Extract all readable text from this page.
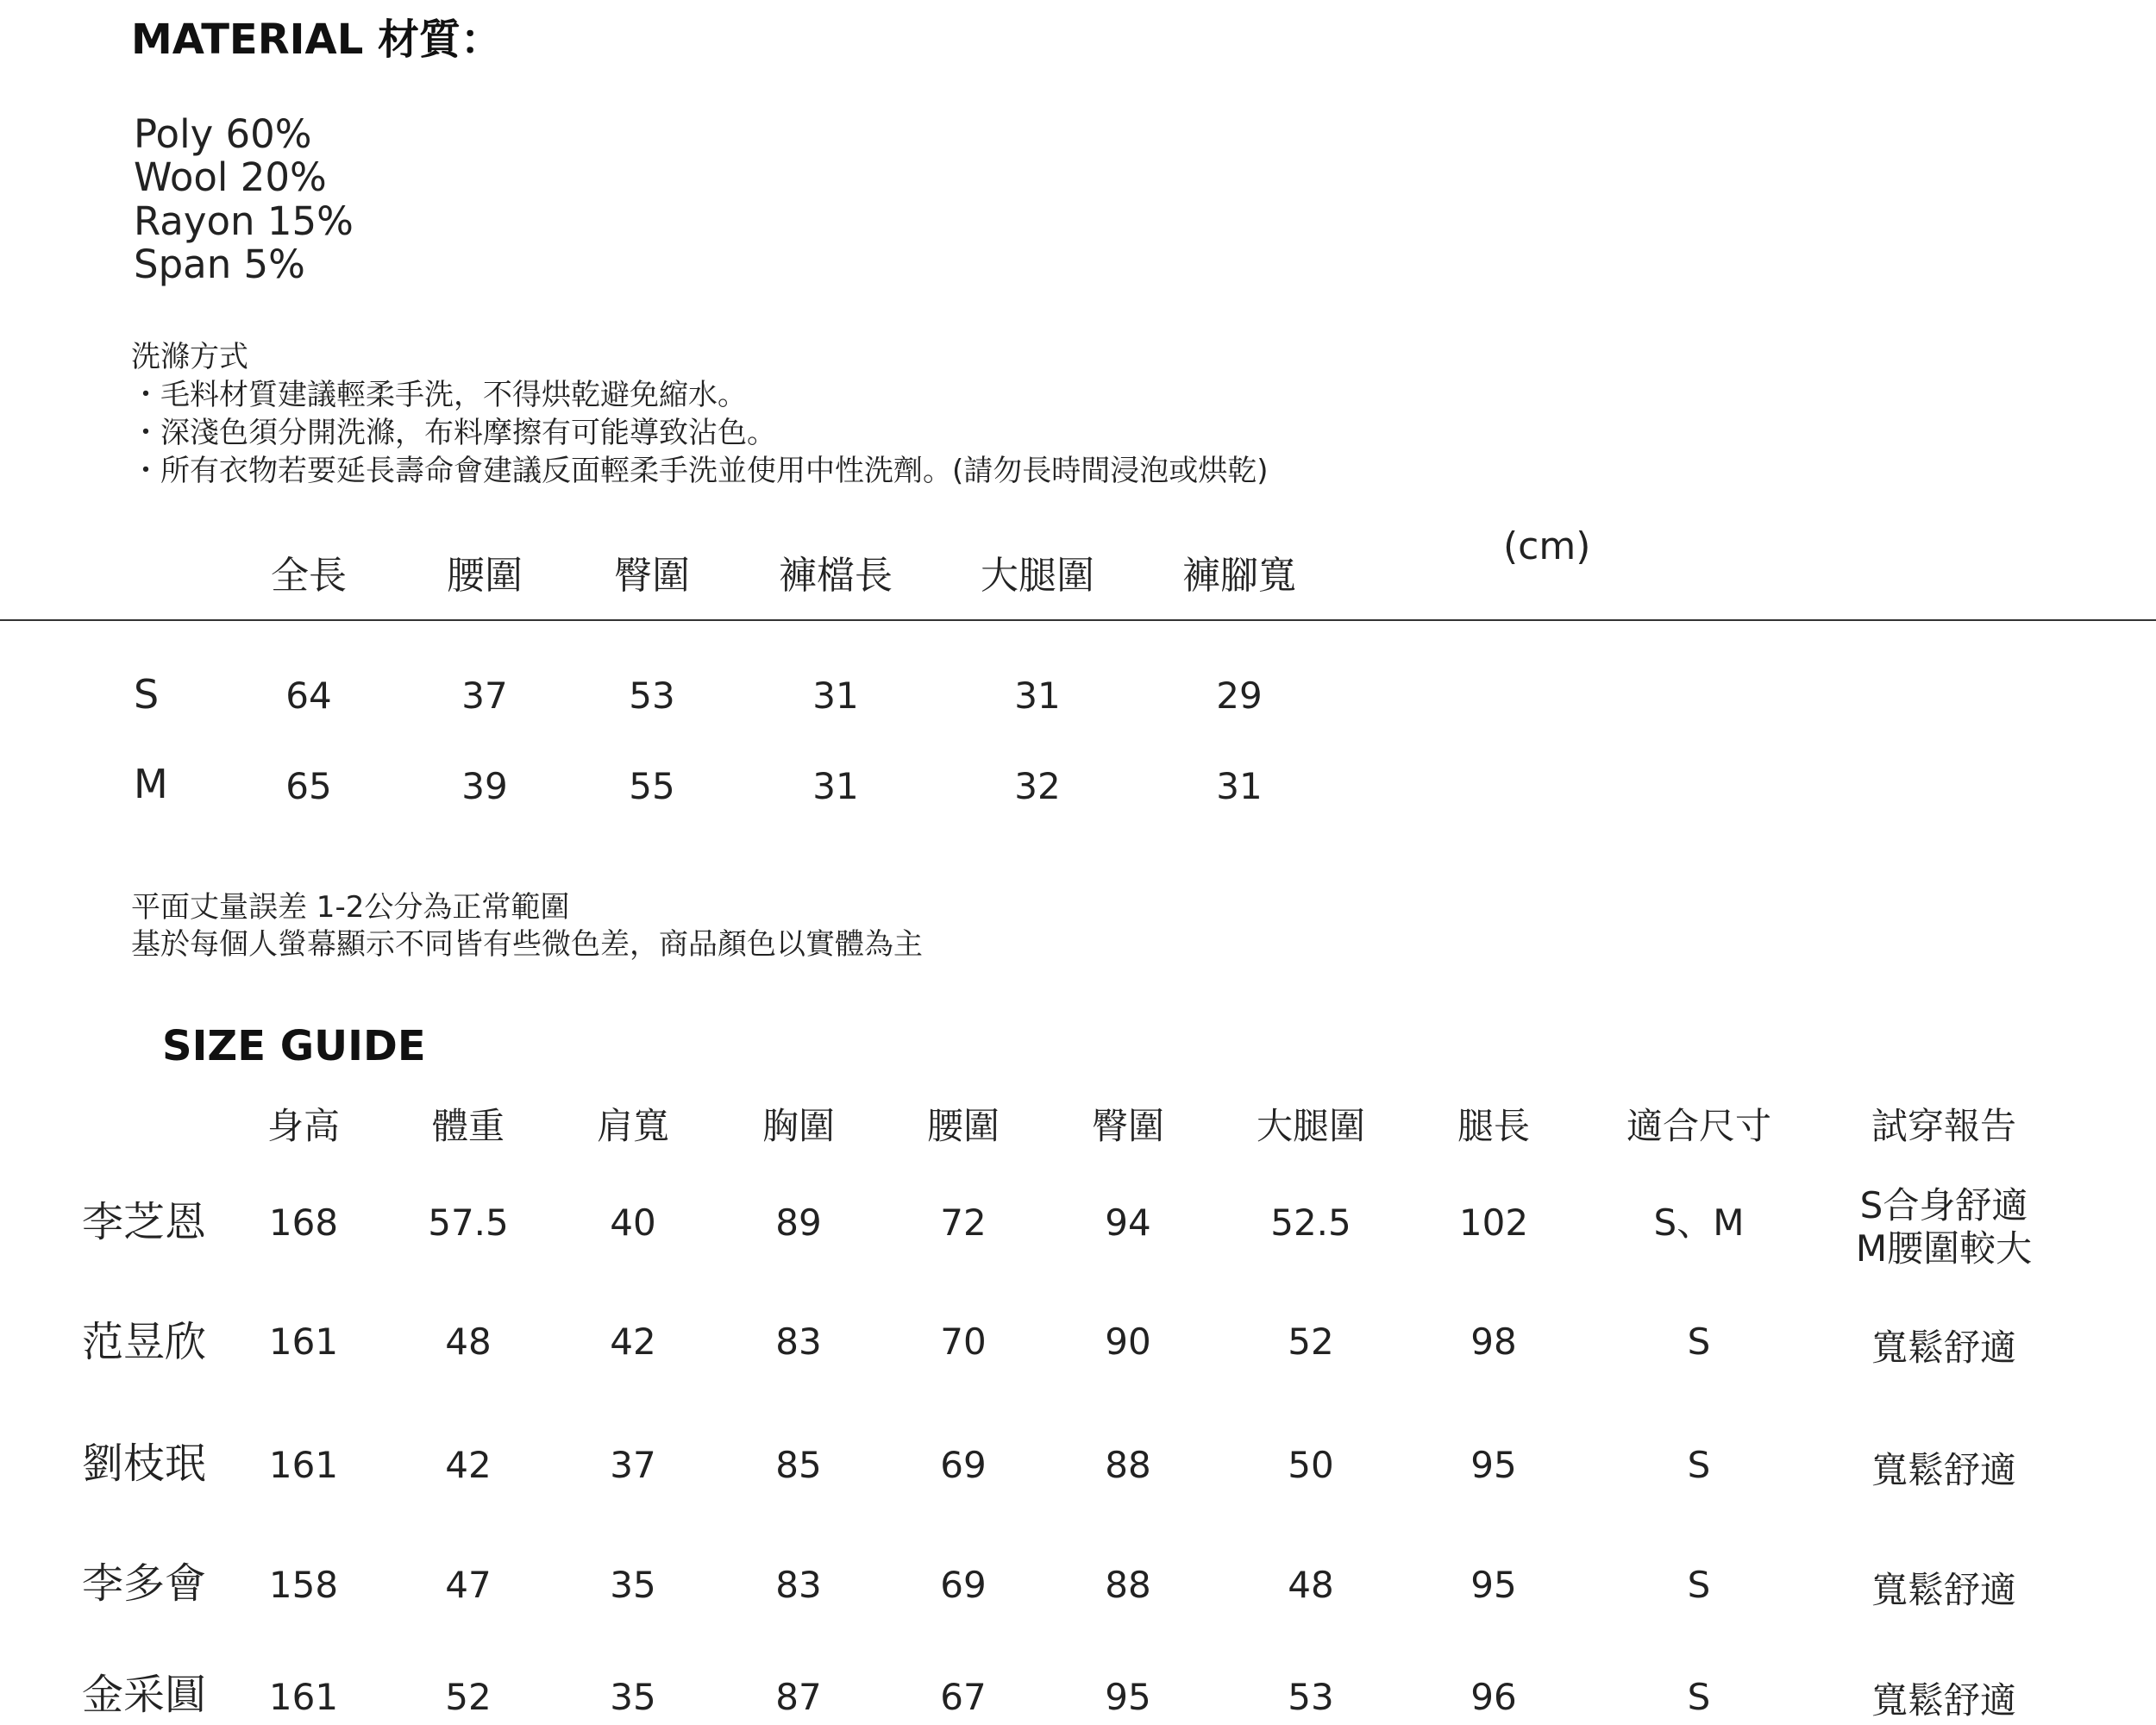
MATERIAL 材質：
Poly 60%
Wool 20%
Rayon 15%
Span 5%
洗滌方式
・毛料材質建議輕柔手洗，不得烘乾避免縮水。
・深淺色須分開洗滌，布料摩擦有可能導致沾色。
・所有衣物若要延長壽命會建議反面輕柔手洗並使用中性洗劑。(請勿長時間浸泡或烘乾)
(cm)
全長	腰圍	臀圍	褲檔長	大腿圍	褲腳寬
S	64	37	53	31	31	29
M	65	39	55	31	32	31
平面丈量誤差 1-2公分為正常範圍
基於每個人螢幕顯示不同皆有些微色差，商品顏色以實體為主
SIZE GUIDE
身高	體重	肩寬	胸圍	腰圍	臀圍	大腿圍	腿長	適合尺寸	試穿報告
李芝恩	168	57.5	40	89	72	94	52.5	102	S、M	S合身舒適
M腰圍較大
范昱欣	161	48	42	83	70	90	52	98	S	寬鬆舒適
劉枝珉	161	42	37	85	69	88	50	95	S	寬鬆舒適
李多會	158	47	35	83	69	88	48	95	S	寬鬆舒適
金采圓	161	52	35	87	67	95	53	96	S	寬鬆舒適
